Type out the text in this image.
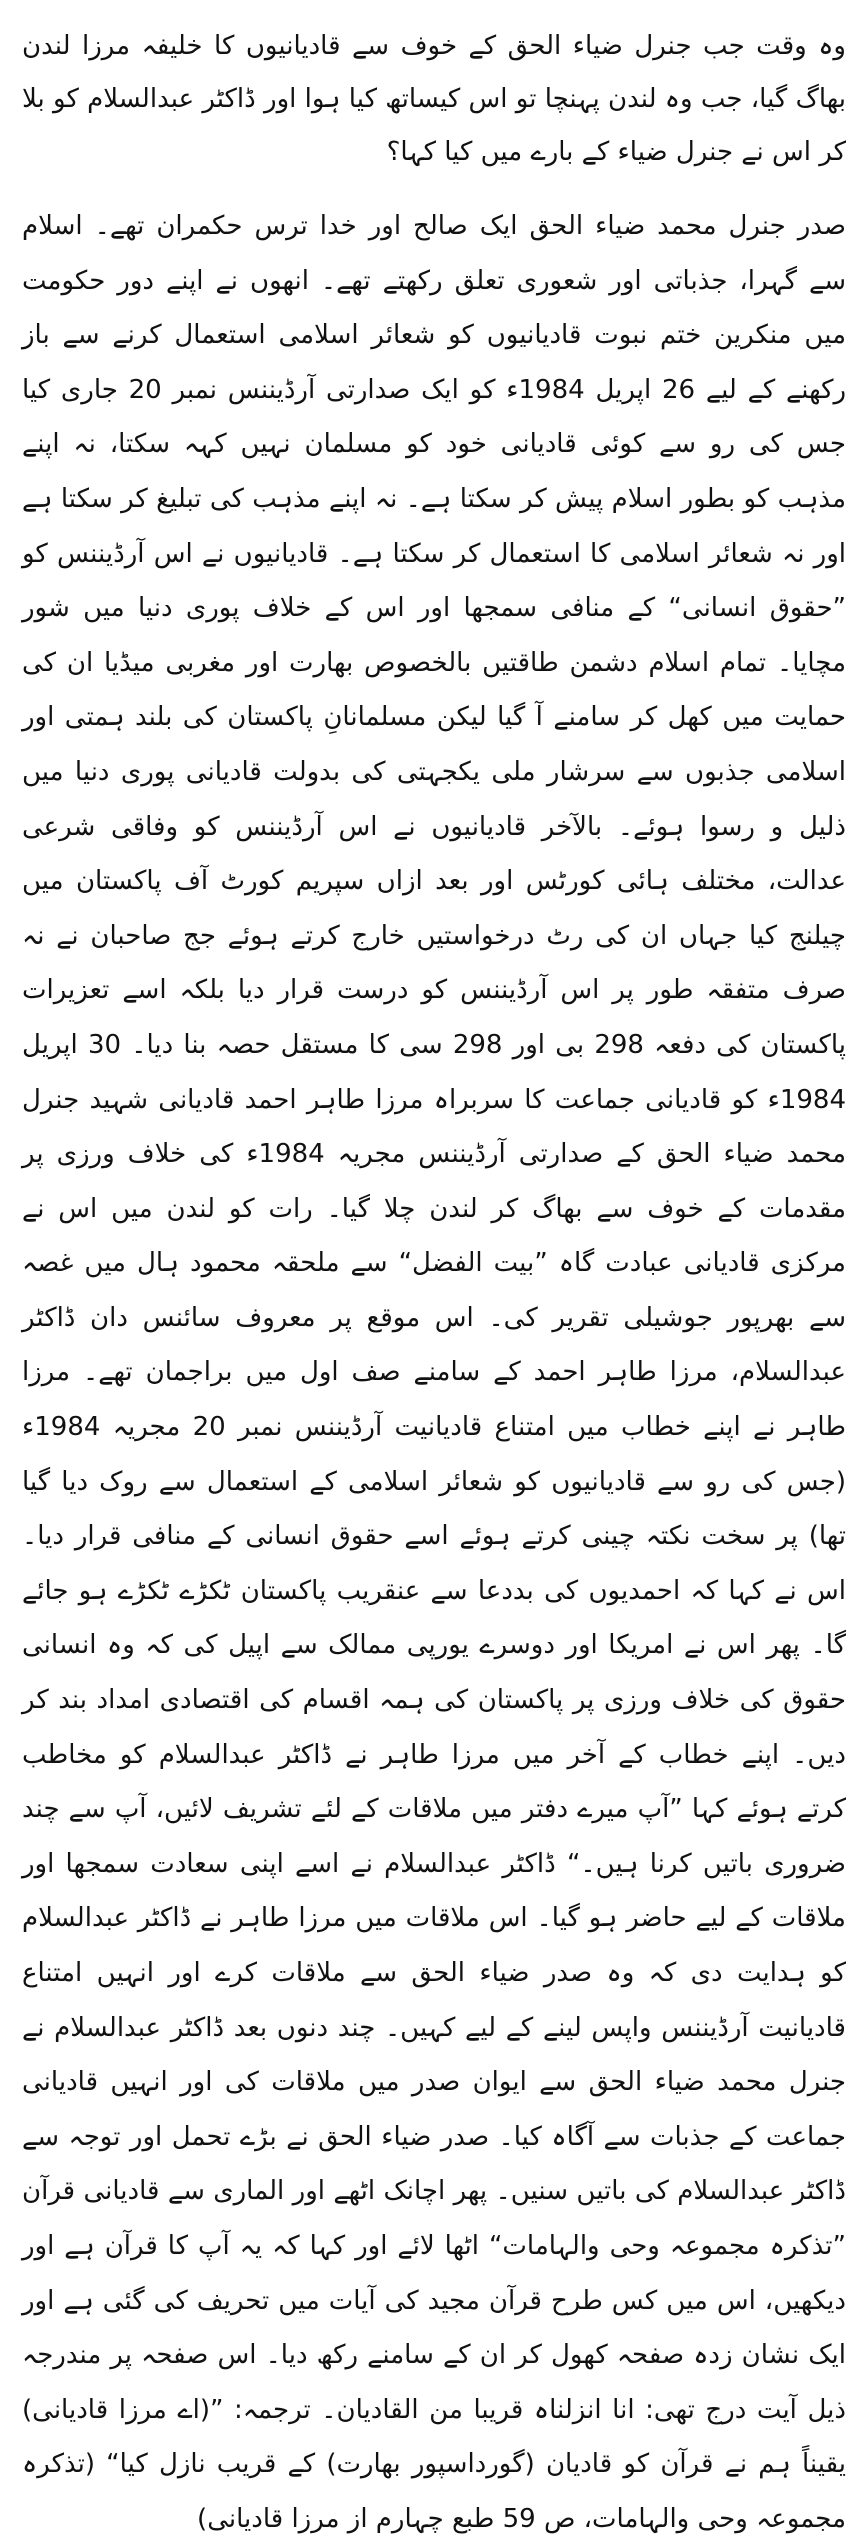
وہ وقت جب جنرل ضیاء الحق کے خوف سے قادیانیوں کا خلیفہ مرزا لندن بھاگ گیا، جب وہ لندن پہنچا تو اس کیساتھ کیا ہوا اور ڈاکٹر عبدالسلام کو بلا کر اس نے جنرل ضیاء کے بارے میں کیا کہا؟

صدر جنرل محمد ضیاء الحق ایک صالح اور خدا ترس حکمران تھے۔ اسلام سے گہرا، جذباتی اور شعوری تعلق رکھتے تھے۔ انھوں نے اپنے دور حکومت میں منکرین ختم نبوت قادیانیوں کو شعائر اسلامی استعمال کرنے سے باز رکھنے کے لیے 26 اپریل 1984ء کو ایک صدارتی آرڈیننس نمبر 20 جاری کیا جس کی رو سے کوئی قادیانی خود کو مسلمان نہیں کہہ سکتا، نہ اپنے مذہب کو بطور اسلام پیش کر سکتا ہے۔ نہ اپنے مذہب کی تبلیغ کر سکتا ہے اور نہ شعائر اسلامی کا استعمال کر سکتا ہے۔ قادیانیوں نے اس آرڈیننس کو ”حقوق انسانی“ کے منافی سمجھا اور اس کے خلاف پوری دنیا میں شور مچایا۔ تمام اسلام دشمن طاقتیں بالخصوص بھارت اور مغربی میڈیا ان کی حمایت میں کھل کر سامنے آ گیا لیکن مسلمانانِ پاکستان کی بلند ہمتی اور اسلامی جذبوں سے سرشار ملی یکجہتی کی بدولت قادیانی پوری دنیا میں ذلیل و رسوا ہوئے۔ بالآخر قادیانیوں نے اس آرڈیننس کو وفاقی شرعی عدالت، مختلف ہائی کورٹس اور بعد ازاں سپریم کورٹ آف پاکستان میں چیلنج کیا جہاں ان کی رٹ درخواستیں خارج کرتے ہوئے جج صاحبان نے نہ صرف متفقہ طور پر اس آرڈیننس کو درست قرار دیا بلکہ اسے تعزیرات پاکستان کی دفعہ 298 بی اور 298 سی کا مستقل حصہ بنا دیا۔ 30 اپریل 1984ء کو قادیانی جماعت کا سربراہ مرزا طاہر احمد قادیانی شہید جنرل محمد ضیاء الحق کے صدارتی آرڈیننس مجریہ 1984ء کی خلاف ورزی پر مقدمات کے خوف سے بھاگ کر لندن چلا گیا۔ رات کو لندن میں اس نے مرکزی قادیانی عبادت گاہ ”بیت الفضل“ سے ملحقہ محمود ہال میں غصہ سے بھرپور جوشیلی تقریر کی۔ اس موقع پر معروف سائنس دان ڈاکٹر عبدالسلام، مرزا طاہر احمد کے سامنے صف اول میں براجمان تھے۔ مرزا طاہر نے اپنے خطاب میں امتناع قادیانیت آرڈیننس نمبر 20 مجریہ 1984ء (جس کی رو سے قادیانیوں کو شعائر اسلامی کے استعمال سے روک دیا گیا تھا) پر سخت نکتہ چینی کرتے ہوئے اسے حقوق انسانی کے منافی قرار دیا۔ اس نے کہا کہ احمدیوں کی بددعا سے عنقریب پاکستان ٹکڑے ٹکڑے ہو جائے گا۔ پھر اس نے امریکا اور دوسرے یورپی ممالک سے اپیل کی کہ وہ انسانی حقوق کی خلاف ورزی پر پاکستان کی ہمہ اقسام کی اقتصادی امداد بند کر دیں۔ اپنے خطاب کے آخر میں مرزا طاہر نے ڈاکٹر عبدالسلام کو مخاطب کرتے ہوئے کہا ”آپ میرے دفتر میں ملاقات کے لئے تشریف لائیں، آپ سے چند ضروری باتیں کرنا ہیں۔“ ڈاکٹر عبدالسلام نے اسے اپنی سعادت سمجھا اور ملاقات کے لیے حاضر ہو گیا۔ اس ملاقات میں مرزا طاہر نے ڈاکٹر عبدالسلام کو ہدایت دی کہ وہ صدر ضیاء الحق سے ملاقات کرے اور انہیں امتناع قادیانیت آرڈیننس واپس لینے کے لیے کہیں۔ چند دنوں بعد ڈاکٹر عبدالسلام نے جنرل محمد ضیاء الحق سے ایوان صدر میں ملاقات کی اور انہیں قادیانی جماعت کے جذبات سے آگاہ کیا۔ صدر ضیاء الحق نے بڑے تحمل اور توجہ سے ڈاکٹر عبدالسلام کی باتیں سنیں۔ پھر اچانک اٹھے اور الماری سے قادیانی قرآن ”تذکرہ مجموعہ وحی والہامات“ اٹھا لائے اور کہا کہ یہ آپ کا قرآن ہے اور دیکھیں، اس میں کس طرح قرآن مجید کی آیات میں تحریف کی گئی ہے اور ایک نشان زدہ صفحہ کھول کر ان کے سامنے رکھ دیا۔ اس صفحہ پر مندرجہ ذیل آیت درج تھی: انا انزلناہ قریبا من القادیان۔ ترجمہ: ”(اے مرزا قادیانی) یقیناً ہم نے قرآن کو قادیان (گورداسپور بھارت) کے قریب نازل کیا“ (تذکرہ مجموعہ وحی والہامات، ص 59 طبع چہارم از مرزا قادیانی)
